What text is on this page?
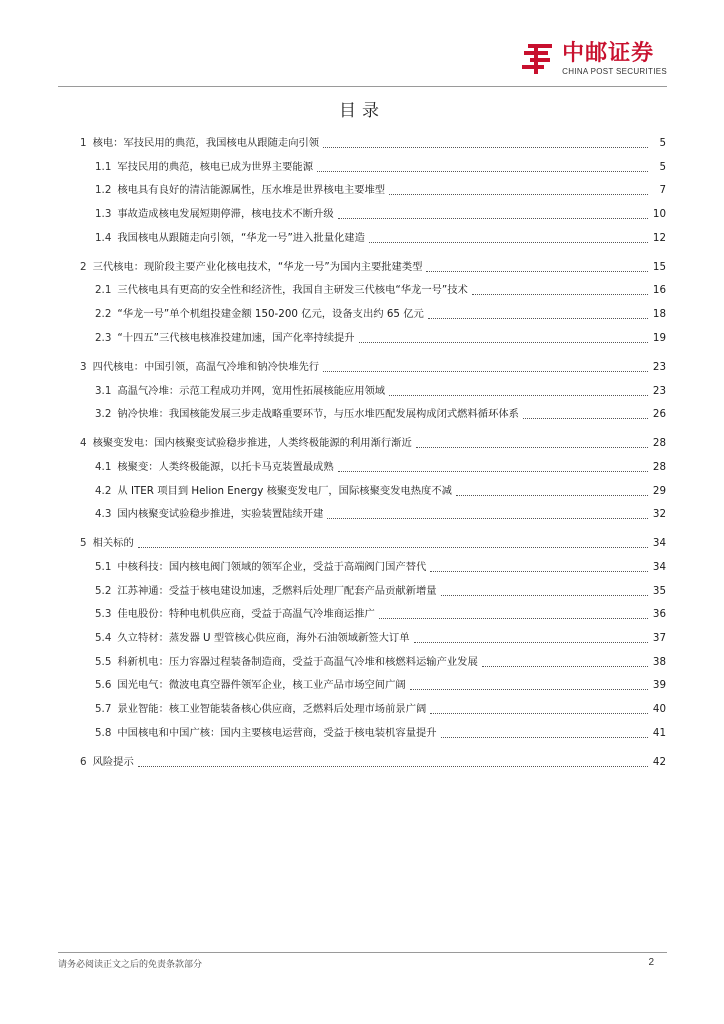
中邮证券
CHINA POST SECURITIES
目录
1 核电：军技民用的典范，我国核电从跟随走向引领	5
1.1 军技民用的典范，核电已成为世界主要能源	5
1.2 核电具有良好的清洁能源属性，压水堆是世界核电主要堆型	7
1.3 事故造成核电发展短期停滞，核电技术不断升级	10
1.4 我国核电从跟随走向引领，“华龙一号”进入批量化建造	12
2 三代核电：现阶段主要产业化核电技术，“华龙一号”为国内主要批建类型	15
2.1 三代核电具有更高的安全性和经济性，我国自主研发三代核电“华龙一号”技术	16
2.2 “华龙一号”单个机组投建金额 150-200 亿元，设备支出约 65 亿元	18
2.3 “十四五”三代核电核准投建加速，国产化率持续提升	19
3 四代核电：中国引领，高温气冷堆和钠冷快堆先行	23
3.1 高温气冷堆：示范工程成功并网，宽用性拓展核能应用领域	23
3.2 钠冷快堆：我国核能发展三步走战略重要环节，与压水堆匹配发展构成闭式燃料循环体系	26
4 核聚变发电：国内核聚变试验稳步推进，人类终极能源的利用渐行渐近	28
4.1 核聚变：人类终极能源，以托卡马克装置最成熟	28
4.2 从 ITER 项目到 Helion Energy 核聚变发电厂，国际核聚变发电热度不减	29
4.3 国内核聚变试验稳步推进，实验装置陆续开建	32
5 相关标的	34
5.1 中核科技：国内核电阀门领域的领军企业，受益于高端阀门国产替代	34
5.2 江苏神通：受益于核电建设加速，乏燃料后处理厂配套产品贡献新增量	35
5.3 佳电股份：特种电机供应商，受益于高温气冷堆商运推广	36
5.4 久立特材：蒸发器 U 型管核心供应商，海外石油领域新签大订单	37
5.5 科新机电：压力容器过程装备制造商，受益于高温气冷堆和核燃料运输产业发展	38
5.6 国光电气：微波电真空器件领军企业，核工业产品市场空间广阔	39
5.7 景业智能：核工业智能装备核心供应商，乏燃料后处理市场前景广阔	40
5.8 中国核电和中国广核：国内主要核电运营商，受益于核电装机容量提升	41
6 风险提示	42
请务必阅读正文之后的免责条款部分	2
